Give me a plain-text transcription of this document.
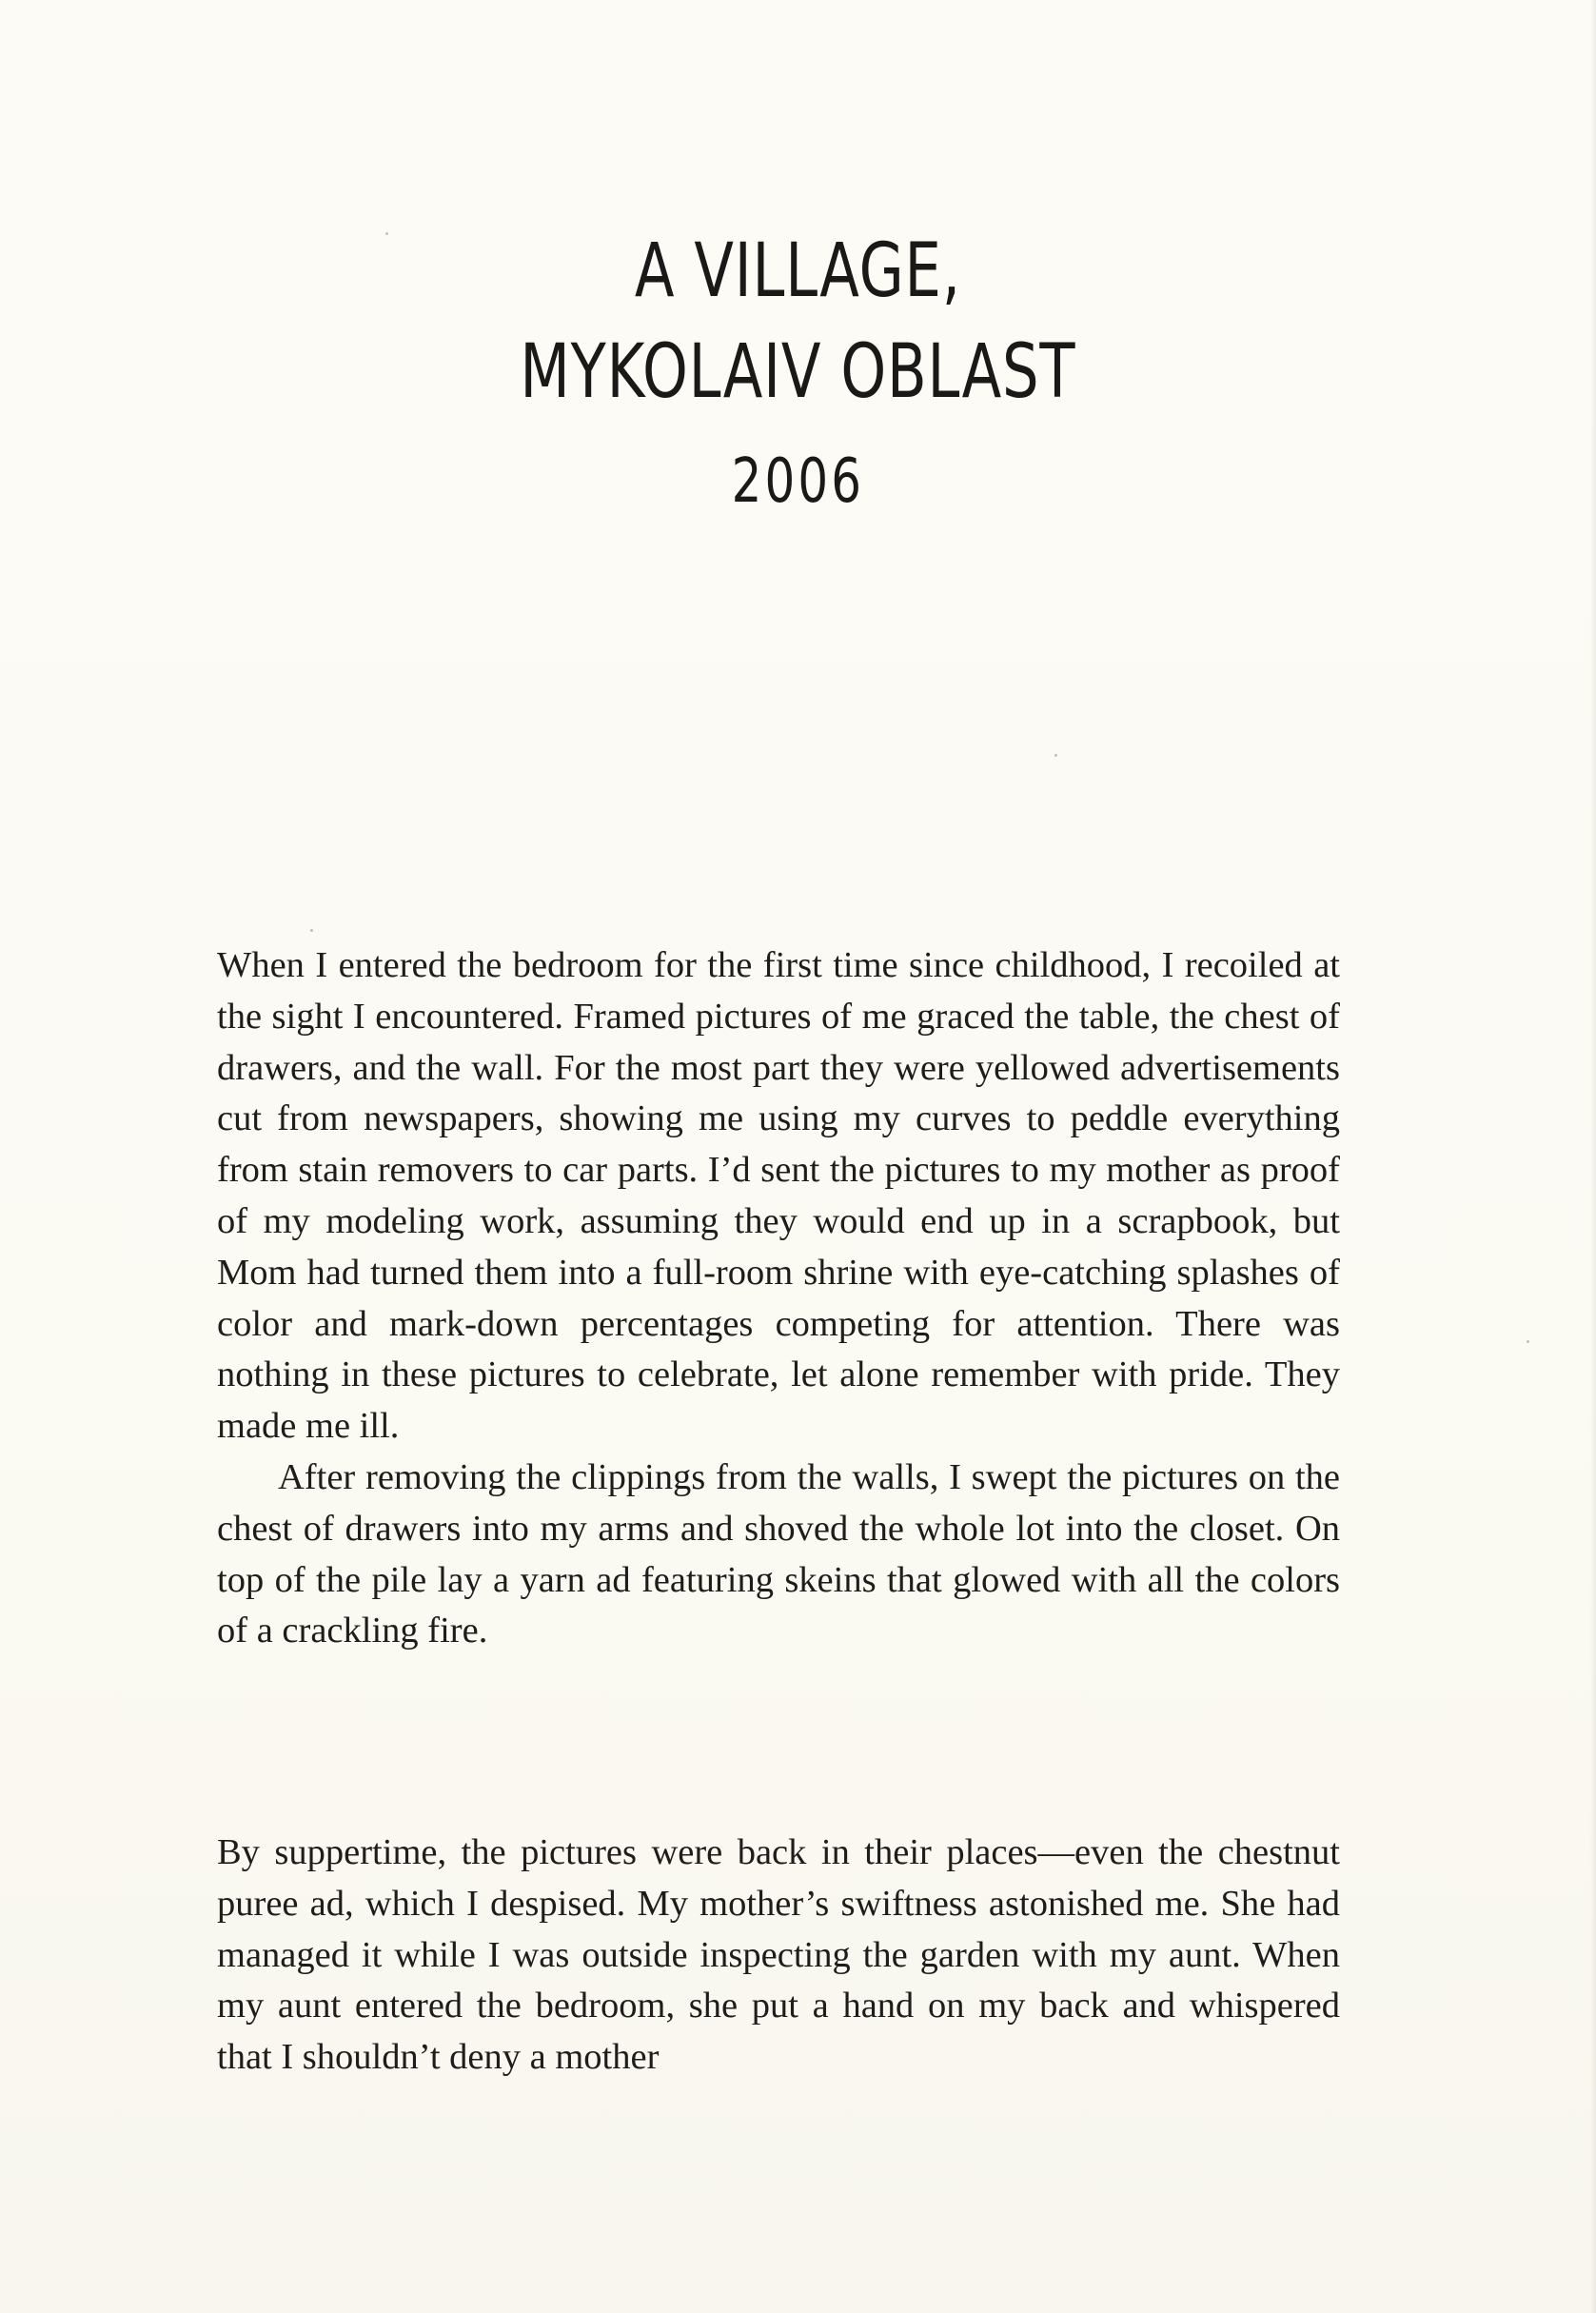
A VILLAGE,
MYKOLAIV OBLAST
2006

When I entered the bedroom for the first time since childhood, I recoiled at the sight I encountered. Framed pictures of me graced the table, the chest of drawers, and the wall. For the most part they were yellowed advertisements cut from newspapers, showing me using my curves to peddle everything from stain removers to car parts. I’d sent the pictures to my mother as proof of my modeling work, assuming they would end up in a scrapbook, but Mom had turned them into a full-room shrine with eye-catching splashes of color and mark-down percentages competing for attention. There was nothing in these pictures to celebrate, let alone remember with pride. They made me ill.

After removing the clippings from the walls, I swept the pictures on the chest of drawers into my arms and shoved the whole lot into the closet. On top of the pile lay a yarn ad featuring skeins that glowed with all the colors of a crackling fire.

By suppertime, the pictures were back in their places—even the chestnut puree ad, which I despised. My mother’s swiftness astonished me. She had managed it while I was outside inspecting the garden with my aunt. When my aunt entered the bedroom, she put a hand on my back and whispered that I shouldn’t deny a mother
